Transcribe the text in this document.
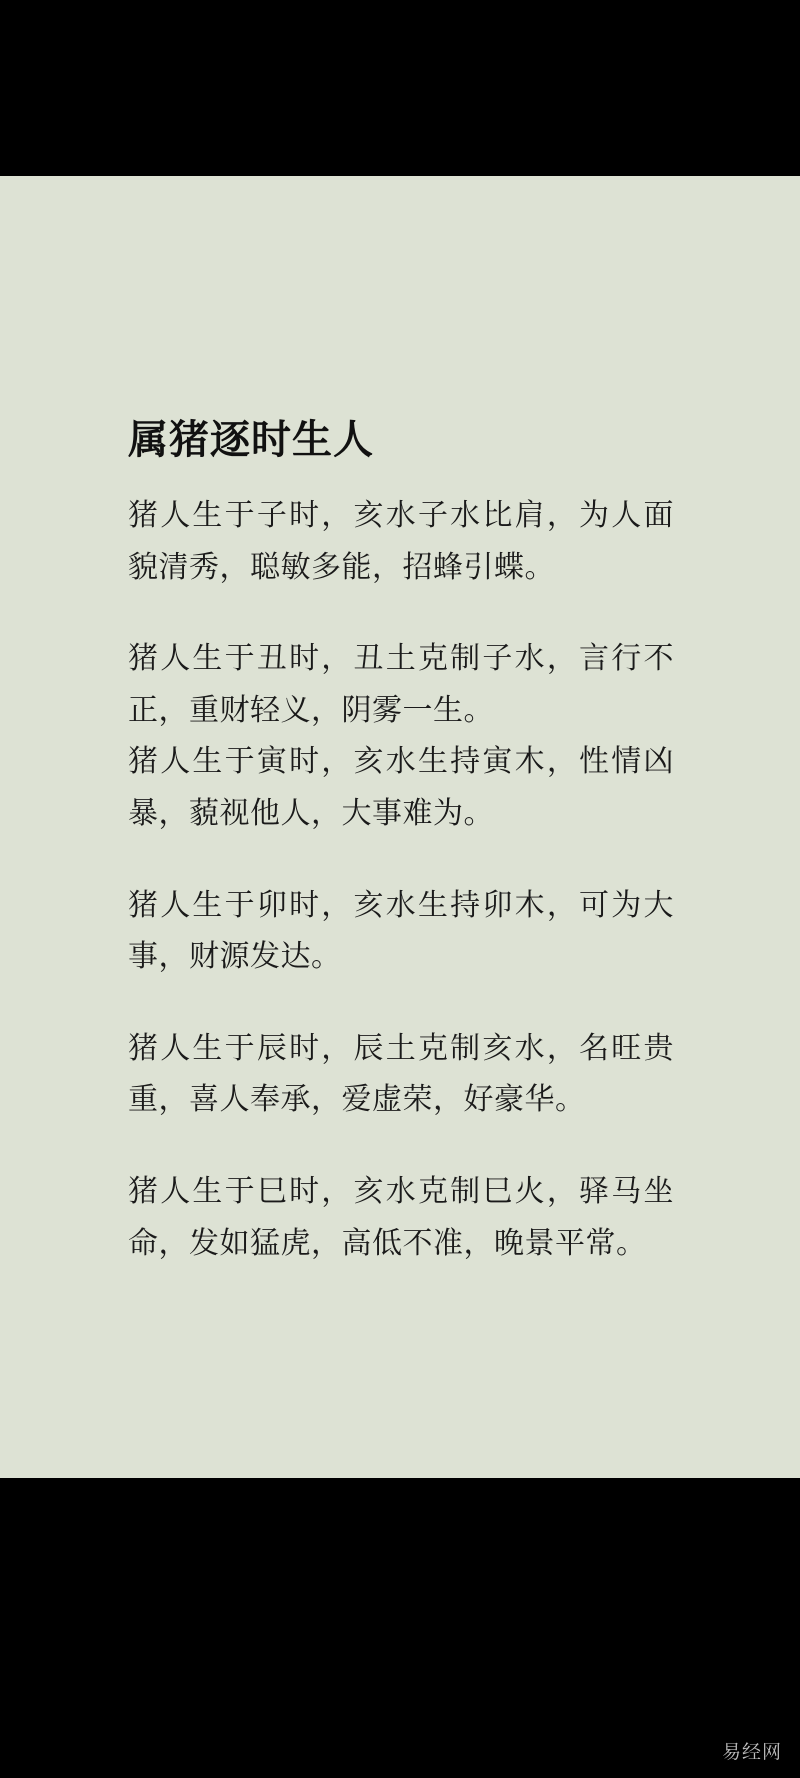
属猪逐时生人

猪人生于子时，亥水子水比肩，为人面貌清秀，聪敏多能，招蜂引蝶。

猪人生于丑时，丑土克制子水，言行不正，重财轻义，阴雾一生。

猪人生于寅时，亥水生持寅木，性情凶暴，藐视他人，大事难为。

猪人生于卯时，亥水生持卯木，可为大事，财源发达。

猪人生于辰时，辰土克制亥水，名旺贵重，喜人奉承，爱虚荣，好豪华。

猪人生于巳时，亥水克制巳火，驿马坐命，发如猛虎，高低不准，晚景平常。

易经网
